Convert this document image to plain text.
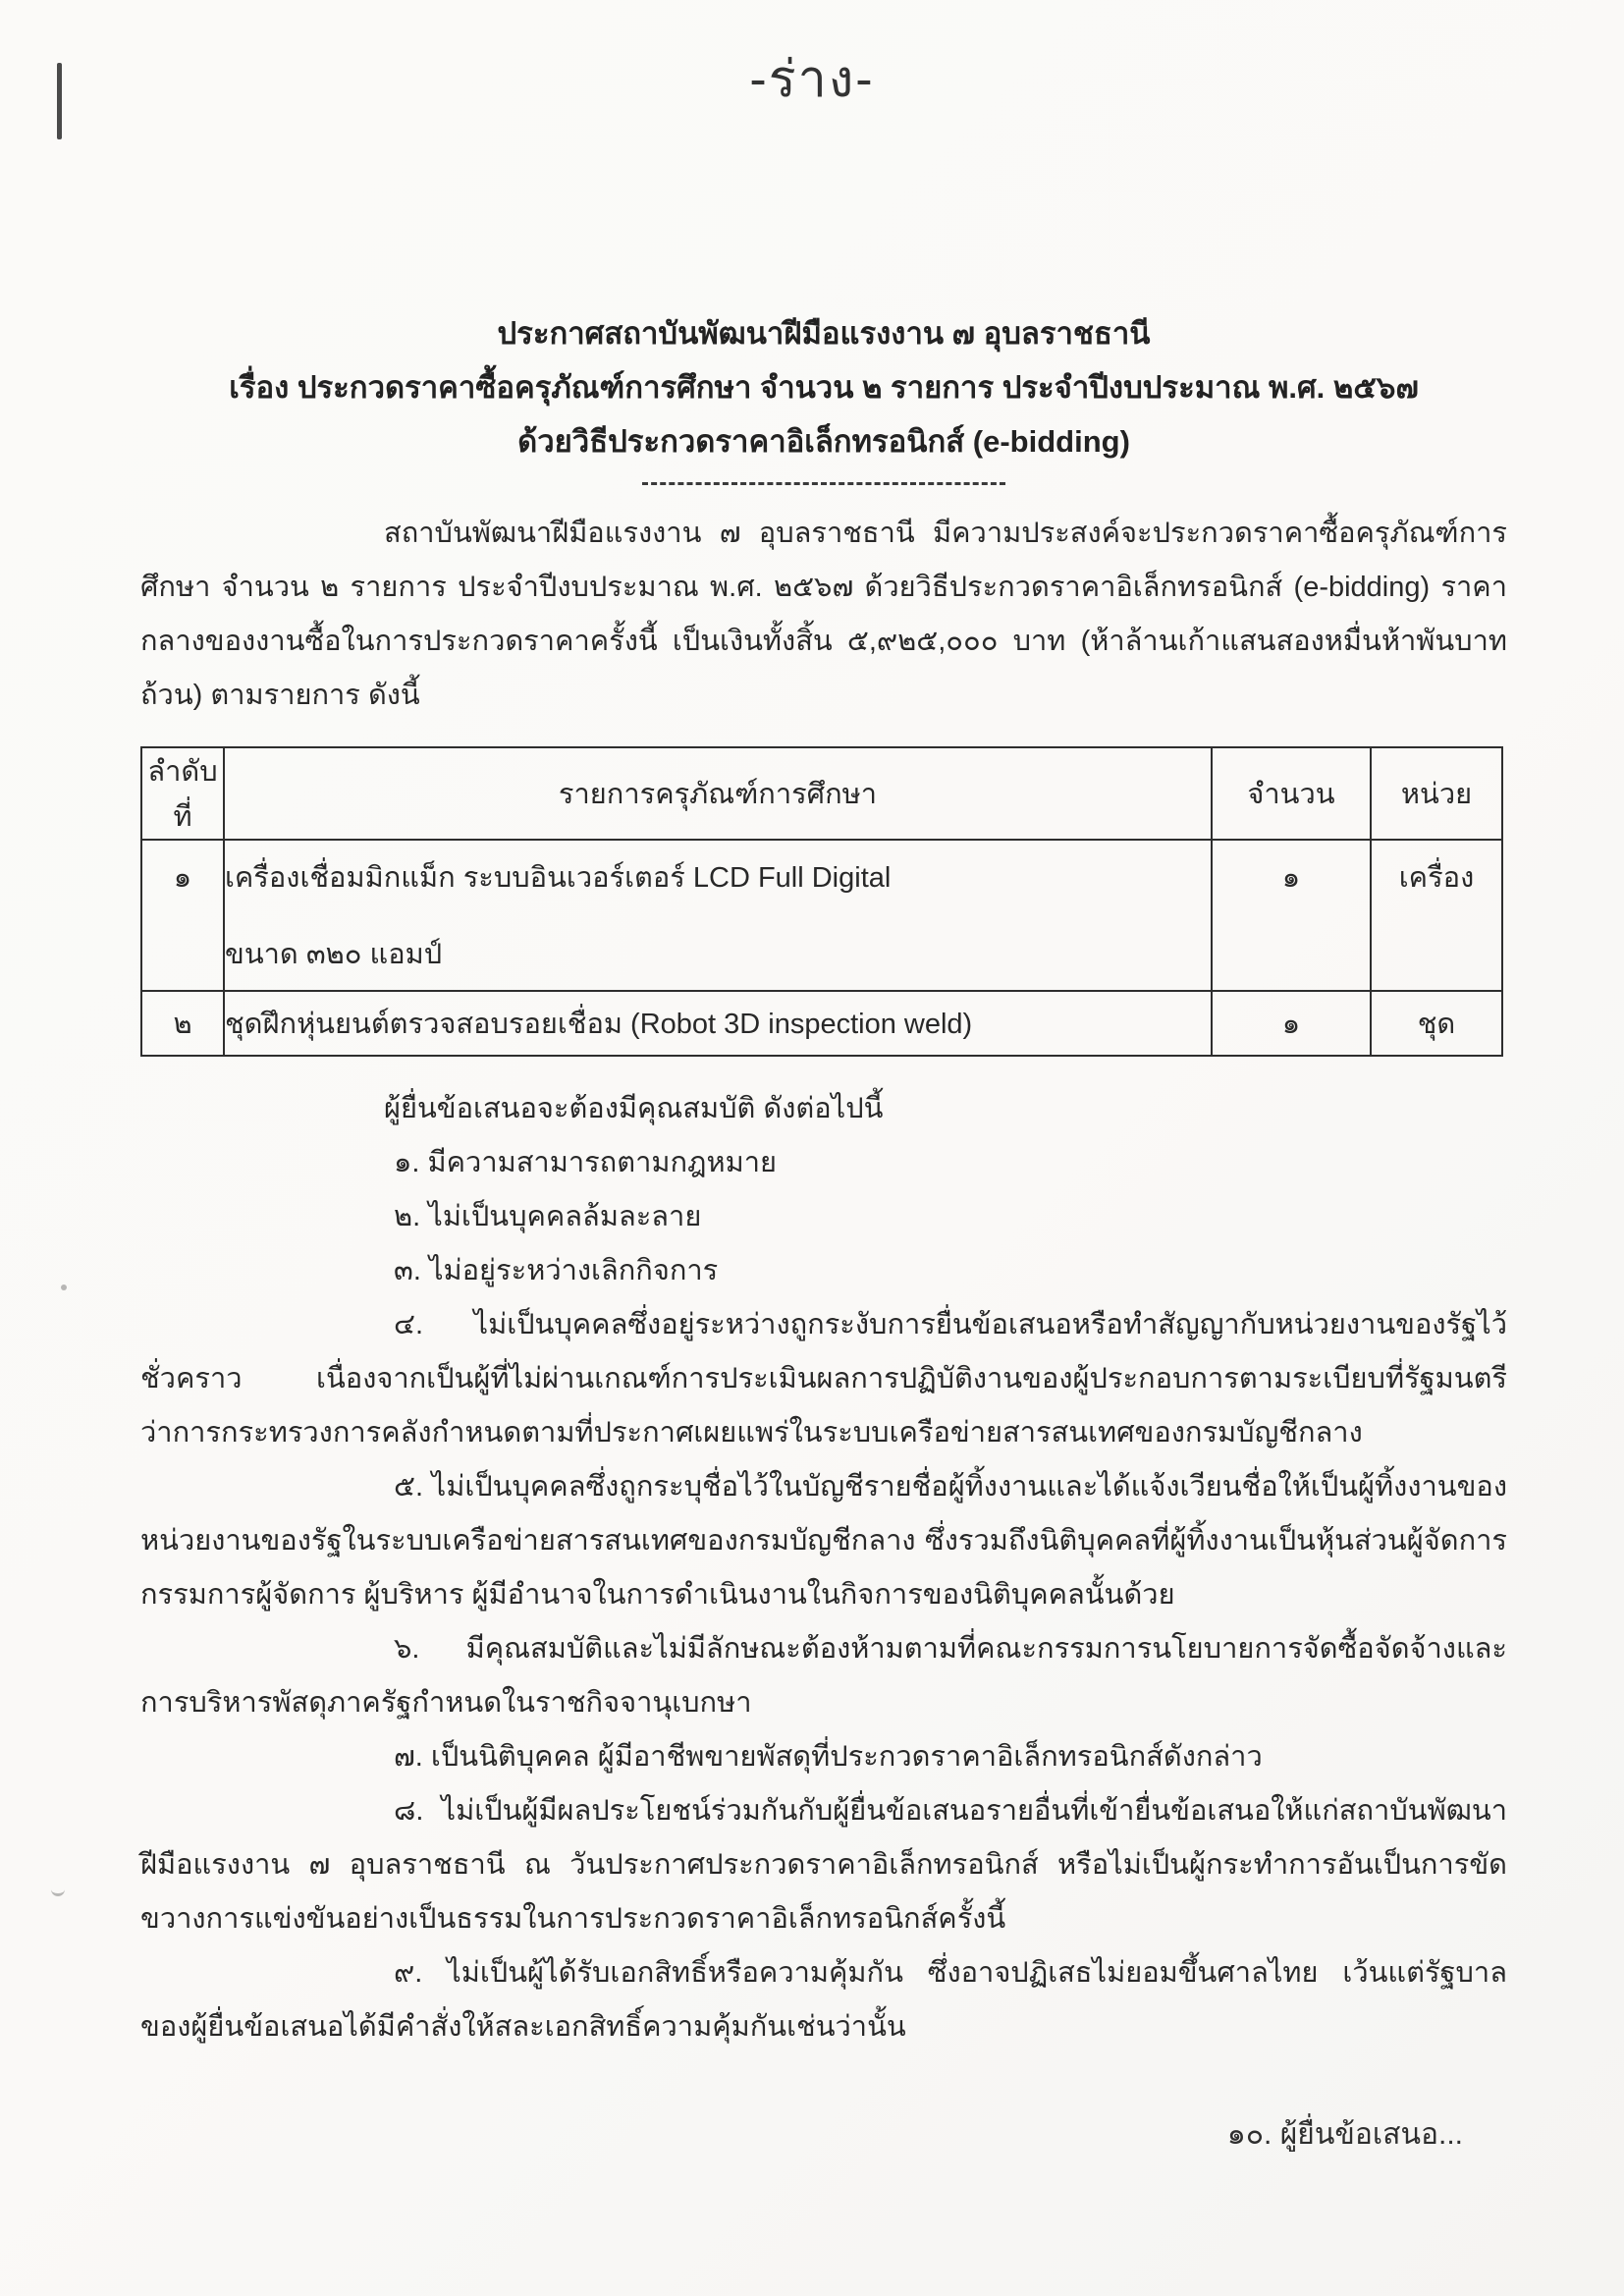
-ร่าง-
ประกาศสถาบันพัฒนาฝีมือแรงงาน ๗ อุบลราชธานี
เรื่อง ประกวดราคาซื้อครุภัณฑ์การศึกษา จำนวน ๒ รายการ ประจำปีงบประมาณ พ.ศ. ๒๕๖๗
ด้วยวิธีประกวดราคาอิเล็กทรอนิกส์ (e-bidding)
สถาบันพัฒนาฝีมือแรงงาน ๗ อุบลราชธานี มีความประสงค์จะประกวดราคาซื้อครุภัณฑ์การศึกษา จำนวน ๒ รายการ ประจำปีงบประมาณ พ.ศ. ๒๕๖๗ ด้วยวิธีประกวดราคาอิเล็กทรอนิกส์ (e-bidding) ราคากลางของงานซื้อในการประกวดราคาครั้งนี้ เป็นเงินทั้งสิ้น ๕,๙๒๕,๐๐๐ บาท (ห้าล้านเก้าแสนสองหมื่นห้าพันบาทถ้วน) ตามรายการ ดังนี้
ลำดับที่	รายการครุภัณฑ์การศึกษา	จำนวน	หน่วย
๑	เครื่องเชื่อมมิกแม็ก ระบบอินเวอร์เตอร์ LCD Full Digital
ขนาด ๓๒๐ แอมป์	๑	เครื่อง
๒	ชุดฝึกหุ่นยนต์ตรวจสอบรอยเชื่อม (Robot 3D inspection weld)	๑	ชุด
ผู้ยื่นข้อเสนอจะต้องมีคุณสมบัติ ดังต่อไปนี้
๑. มีความสามารถตามกฎหมาย
๒. ไม่เป็นบุคคลล้มละลาย
๓. ไม่อยู่ระหว่างเลิกกิจการ
๔. ไม่เป็นบุคคลซึ่งอยู่ระหว่างถูกระงับการยื่นข้อเสนอหรือทำสัญญากับหน่วยงานของรัฐไว้ชั่วคราว เนื่องจากเป็นผู้ที่ไม่ผ่านเกณฑ์การประเมินผลการปฏิบัติงานของผู้ประกอบการตามระเบียบที่รัฐมนตรีว่าการกระทรวงการคลังกำหนดตามที่ประกาศเผยแพร่ในระบบเครือข่ายสารสนเทศของกรมบัญชีกลาง
๕. ไม่เป็นบุคคลซึ่งถูกระบุชื่อไว้ในบัญชีรายชื่อผู้ทิ้งงานและได้แจ้งเวียนชื่อให้เป็นผู้ทิ้งงานของหน่วยงานของรัฐในระบบเครือข่ายสารสนเทศของกรมบัญชีกลาง ซึ่งรวมถึงนิติบุคคลที่ผู้ทิ้งงานเป็นหุ้นส่วนผู้จัดการ กรรมการผู้จัดการ ผู้บริหาร ผู้มีอำนาจในการดำเนินงานในกิจการของนิติบุคคลนั้นด้วย
๖. มีคุณสมบัติและไม่มีลักษณะต้องห้ามตามที่คณะกรรมการนโยบายการจัดซื้อจัดจ้างและการบริหารพัสดุภาครัฐกำหนดในราชกิจจานุเบกษา
๗. เป็นนิติบุคคล ผู้มีอาชีพขายพัสดุที่ประกวดราคาอิเล็กทรอนิกส์ดังกล่าว
๘. ไม่เป็นผู้มีผลประโยชน์ร่วมกันกับผู้ยื่นข้อเสนอรายอื่นที่เข้ายื่นข้อเสนอให้แก่สถาบันพัฒนาฝีมือแรงงาน ๗ อุบลราชธานี ณ วันประกาศประกวดราคาอิเล็กทรอนิกส์ หรือไม่เป็นผู้กระทำการอันเป็นการขัดขวางการแข่งขันอย่างเป็นธรรมในการประกวดราคาอิเล็กทรอนิกส์ครั้งนี้
๙. ไม่เป็นผู้ได้รับเอกสิทธิ์หรือความคุ้มกัน ซึ่งอาจปฏิเสธไม่ยอมขึ้นศาลไทย เว้นแต่รัฐบาลของผู้ยื่นข้อเสนอได้มีคำสั่งให้สละเอกสิทธิ์ความคุ้มกันเช่นว่านั้น
๑๐. ผู้ยื่นข้อเสนอ...
